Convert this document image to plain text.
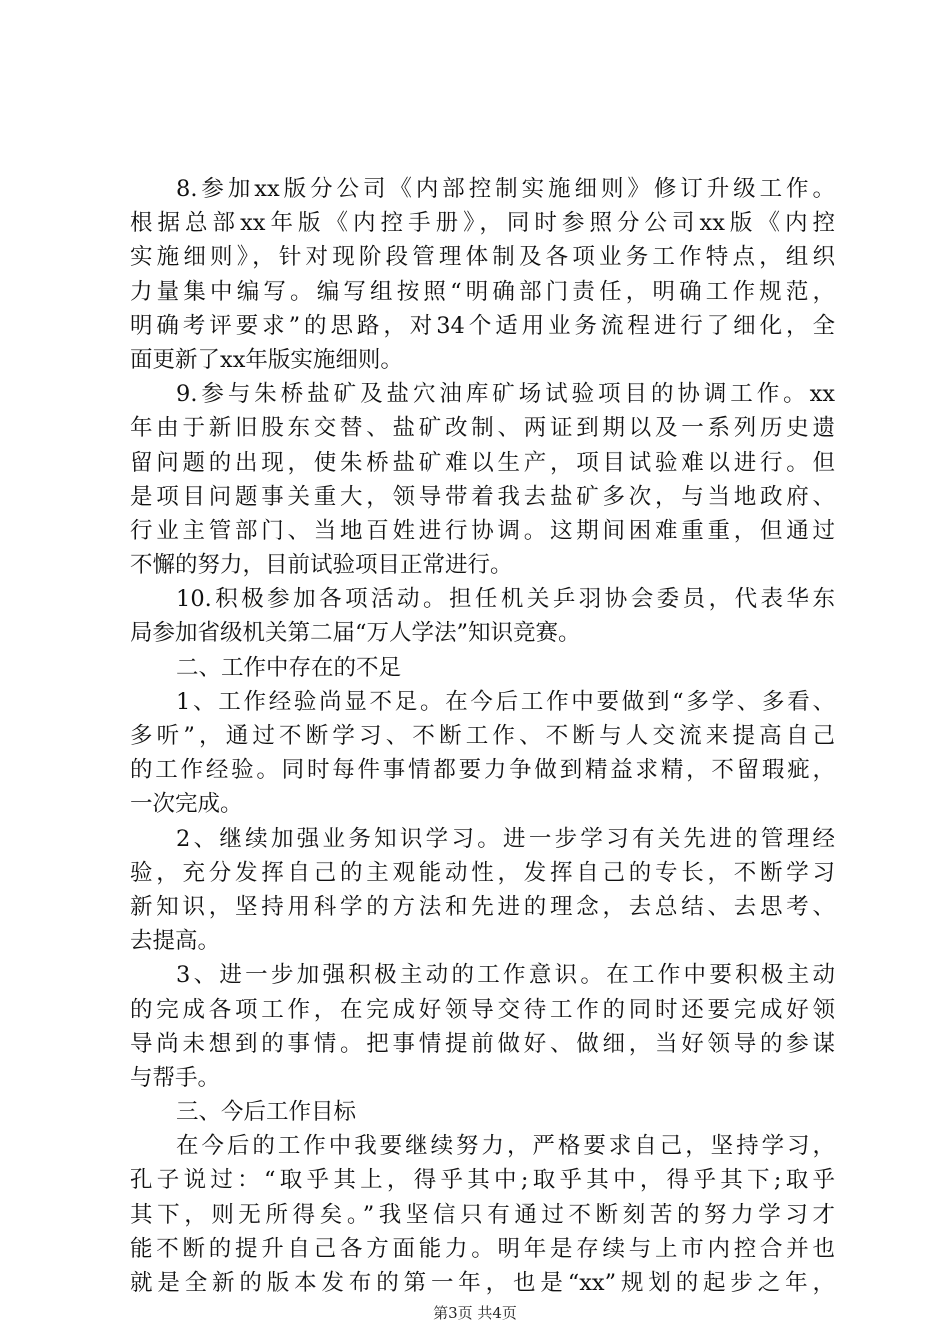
8.参加xx版分公司《内部控制实施细则》修订升级工作。
根据总部xx年版《内控手册》，同时参照分公司xx版《内控
实施细则》，针对现阶段管理体制及各项业务工作特点，组织
力量集中编写。编写组按照“明确部门责任，明确工作规范，
明确考评要求”的思路，对34个适用业务流程进行了细化，全
面更新了xx年版实施细则。
9.参与朱桥盐矿及盐穴油库矿场试验项目的协调工作。xx
年由于新旧股东交替、盐矿改制、两证到期以及一系列历史遗
留问题的出现，使朱桥盐矿难以生产，项目试验难以进行。但
是项目问题事关重大，领导带着我去盐矿多次，与当地政府、
行业主管部门、当地百姓进行协调。这期间困难重重，但通过
不懈的努力，目前试验项目正常进行。
10.积极参加各项活动。担任机关乒羽协会委员，代表华东
局参加省级机关第二届“万人学法”知识竞赛。
二、工作中存在的不足
1、工作经验尚显不足。在今后工作中要做到“多学、多看、
多听”，通过不断学习、不断工作、不断与人交流来提高自己
的工作经验。同时每件事情都要力争做到精益求精，不留瑕疵，
一次完成。
2、继续加强业务知识学习。进一步学习有关先进的管理经
验，充分发挥自己的主观能动性，发挥自己的专长，不断学习
新知识，坚持用科学的方法和先进的理念，去总结、去思考、
去提高。
3、进一步加强积极主动的工作意识。在工作中要积极主动
的完成各项工作，在完成好领导交待工作的同时还要完成好领
导尚未想到的事情。把事情提前做好、做细，当好领导的参谋
与帮手。
三、今后工作目标
在今后的工作中我要继续努力，严格要求自己，坚持学习，
孔子说过：“取乎其上，得乎其中;取乎其中，得乎其下;取乎
其下，则无所得矣。”我坚信只有通过不断刻苦的努力学习才
能不断的提升自己各方面能力。明年是存续与上市内控合并也
就是全新的版本发布的第一年，也是“xx”规划的起步之年，
第3页 共4页
